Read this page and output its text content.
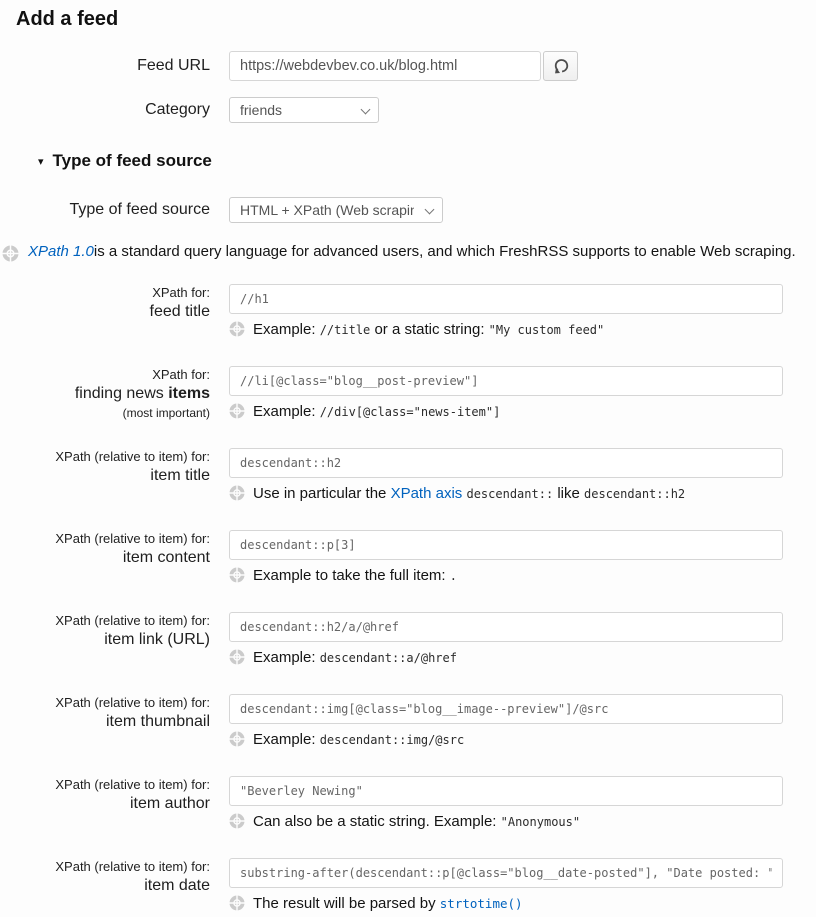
Add a feed
Feed URL
https://webdevbev.co.uk/blog.html
Category
friends
▾ Type of feed source
Type of feed source
HTML + XPath (Web scraping)
XPath 1.0 is a standard query language for advanced users, and which FreshRSS supports to enable Web scraping.
XPath for:
feed title
//h1
Example: //title or a static string: "My custom feed"
XPath for:
finding news items
(most important)
//li[@class="blog__post-preview"]	Example: //div[@class="news-item"]
XPath (relative to item) for:
item title
descendant::h2
Use in particular the XPath axis descendant:: like descendant::h2
XPath (relative to item) for:
item content
descendant::p[3]
Example to take the full item: .
XPath (relative to item) for:
item link (URL)
descendant::h2/a/@href
Example: descendant::a/@href
XPath (relative to item) for:
item thumbnail
descendant::img[@class="blog__image--preview"]/@src
Example: descendant::img/@src
XPath (relative to item) for:
item author
"Beverley Newing"
Can also be a static string. Example: "Anonymous"
XPath (relative to item) for:
item date
substring-after(descendant::p[@class="blog__date-posted"], "Date posted: ")
The result will be parsed by strtotime()
